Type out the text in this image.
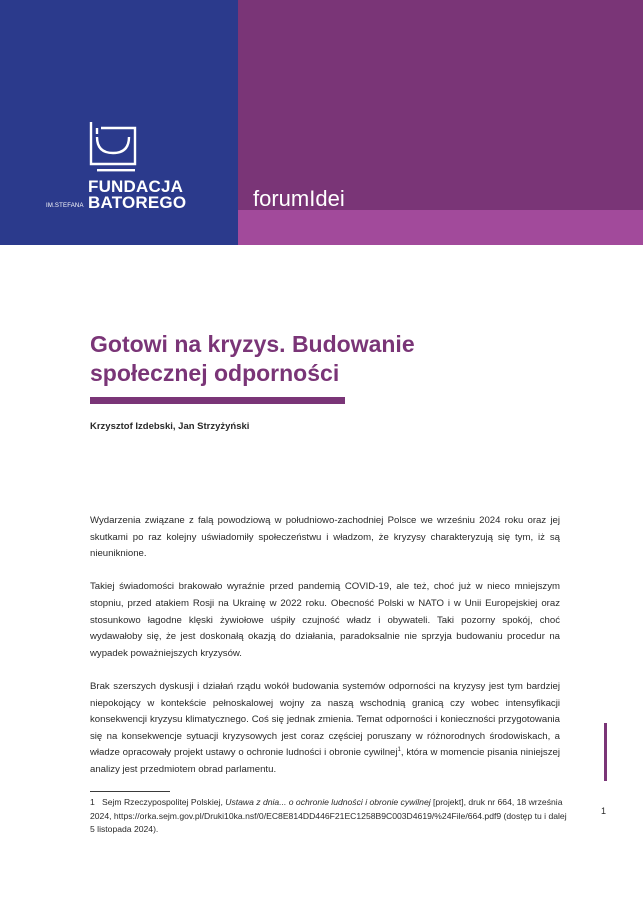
FUNDACJA
BATOREGO
IM.STEFANA	forumIdei
Gotowi na kryzys. Budowanie społecznej odporności
Krzysztof Izdebski, Jan Strzyżyński

Wydarzenia związane z falą powodziową w południowo-zachodniej Polsce we wrześniu 2024 roku oraz jej skutkami po raz kolejny uświadomiły społeczeństwu i władzom, że kryzysy charakteryzują się tym, iż są nieuniknione.

Takiej świadomości brakowało wyraźnie przed pandemią COVID-19, ale też, choć już w nieco mniejszym stopniu, przed atakiem Rosji na Ukrainę w 2022 roku. Obecność Polski w NATO i w Unii Europejskiej oraz stosunkowo łagodne klęski żywiołowe uśpiły czujność władz i obywateli. Taki pozorny spokój, choć wydawałoby się, że jest doskonałą okazją do działania, paradoksalnie nie sprzyja budowaniu procedur na wypadek poważniejszych kryzysów.

Brak szerszych dyskusji i działań rządu wokół budowania systemów odporności na kryzysy jest tym bardziej niepokojący w kontekście pełnoskalowej wojny za naszą wschodnią granicą czy wobec intensyfikacji konsekwencji kryzysu klimatycznego. Coś się jednak zmienia. Temat odporności i konieczności przygotowania się na konsekwencje sytuacji kryzysowych jest coraz częściej poruszany w różnorodnych środowiskach, a władze opracowały projekt ustawy o ochronie ludności i obronie cywilnej$^1$, która w momencie pisania niniejszej analizy jest przedmiotem obrad parlamentu.

1 Sejm Rzeczypospolitej Polskiej, Ustawa z dnia... o ochronie ludności i obronie cywilnej [projekt], druk nr 664, 18 września 2024, https://orka.sejm.gov.pl/Druki10ka.nsf/0/EC8E814DD446F21EC1258B9C003D4619/%24File/664.pdf9 (dostęp tu i dalej 5 listopada 2024).
1
